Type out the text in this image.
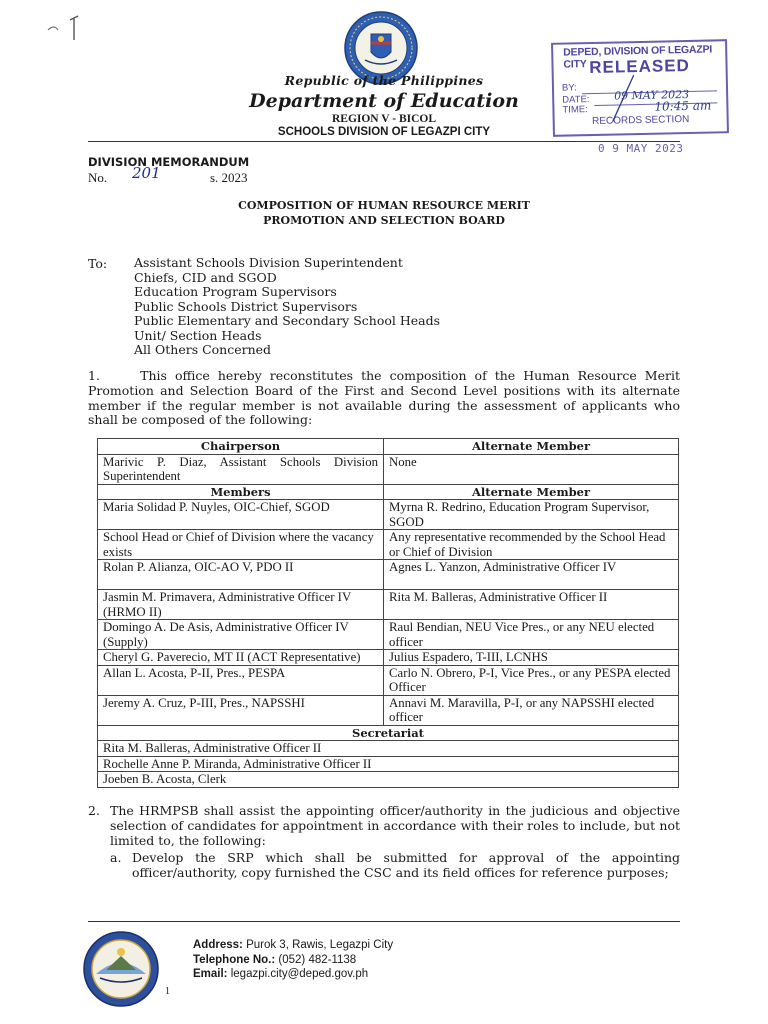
Republic of the Philippines
Department of Education
REGION V - BICOL
SCHOOLS DIVISION OF LEGAZPI CITY
DEPED, DIVISION OF LEGAZPI CITY RELEASED
BY:
DATE: 09 MAY 2023
TIME:	10:45 am
RECORDS SECTION
0 9 MAY 2023
DIVISION MEMORANDUM
No. 201	s. 2023
COMPOSITION OF HUMAN RESOURCE MERIT
PROMOTION AND SELECTION BOARD
To: Assistant Schools Division Superintendent
Chiefs, CID and SGOD
Education Program Supervisors
Public Schools District Supervisors
Public Elementary and Secondary School Heads
Unit/ Section Heads
All Others Concerned
1.	This office hereby reconstitutes the composition of the Human Resource Merit Promotion and Selection Board of the First and Second Level positions with its alternate member if the regular member is not available during the assessment of applicants who shall be composed of the following:
Chairperson	Alternate Member
Marivic P. Diaz, Assistant Schools Division Superintendent	None
Members	Alternate Member
Maria Solidad P. Nuyles, OIC-Chief, SGOD	Myrna R. Redrino, Education Program Supervisor, SGOD
School Head or Chief of Division where the vacancy exists	Any representative recommended by the School Head or Chief of Division
Rolan P. Alianza, OIC-AO V, PDO II	Agnes L. Yanzon, Administrative Officer IV
Jasmin M. Primavera, Administrative Officer IV (HRMO II)	Rita M. Balleras, Administrative Officer II
Domingo A. De Asis, Administrative Officer IV (Supply)	Raul Bendian, NEU Vice Pres., or any NEU elected officer
Cheryl G. Paverecio, MT II (ACT Representative)	Julius Espadero, T-III, LCNHS
Allan L. Acosta, P-II, Pres., PESPA	Carlo N. Obrero, P-I, Vice Pres., or any PESPA elected Officer
Jeremy A. Cruz, P-III, Pres., NAPSSHI	Annavi M. Maravilla, P-I, or any NAPSSHI elected officer
Secretariat	
Rita M. Balleras, Administrative Officer II	
Rochelle Anne P. Miranda, Administrative Officer II	
Joeben B. Acosta, Clerk	
2. The HRMPSB shall assist the appointing officer/authority in the judicious and objective selection of candidates for appointment in accordance with their roles to include, but not limited to, the following:
a. Develop the SRP which shall be submitted for approval of the appointing officer/authority, copy furnished the CSC and its field offices for reference purposes;
Address: Purok 3, Rawis, Legazpi City
Telephone No.: (052) 482-1138
Email: legazpi.city@deped.gov.ph
1
